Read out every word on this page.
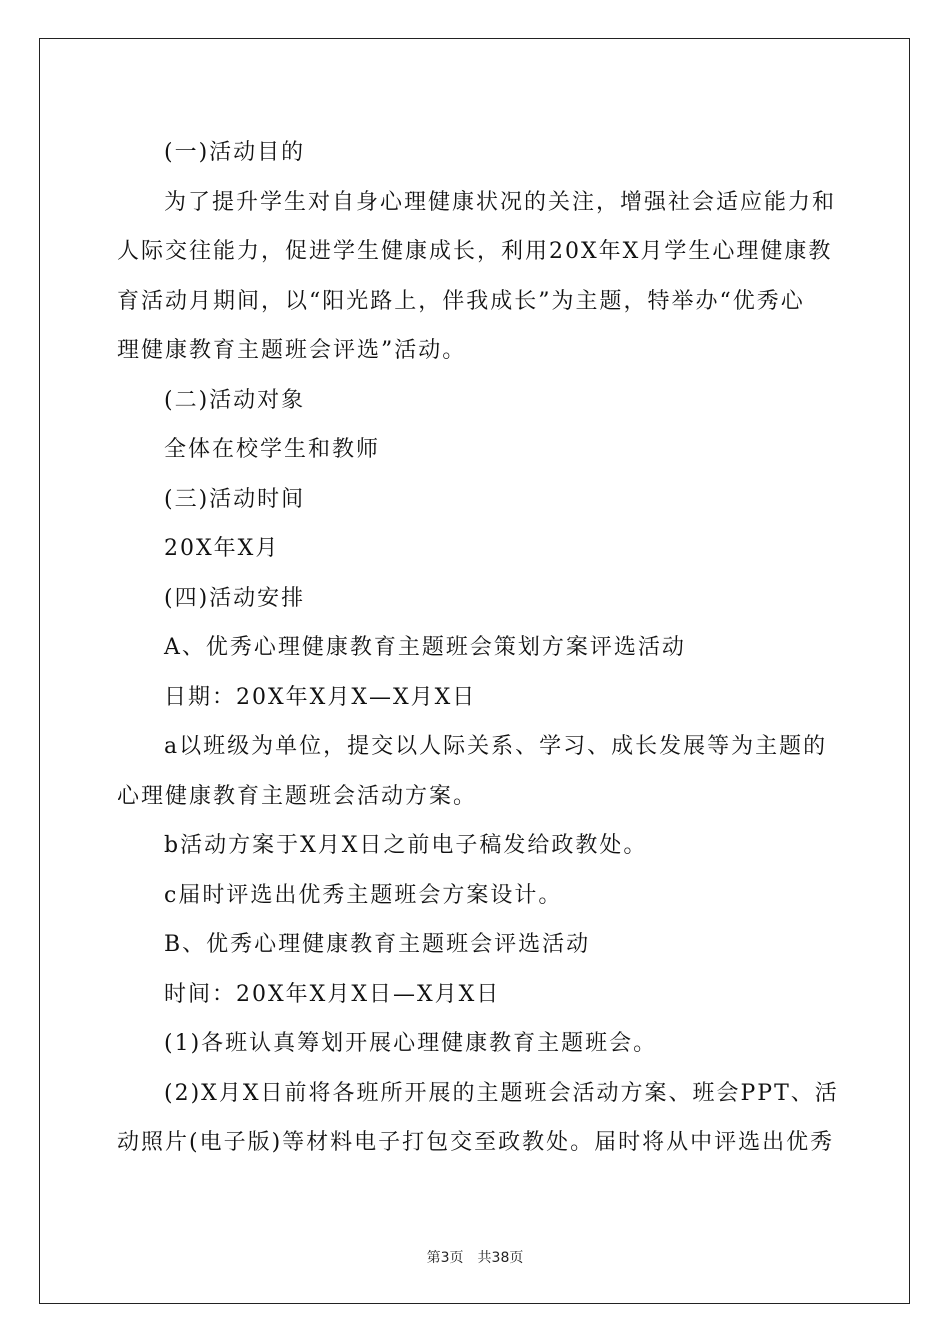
(一)活动目的
为了提升学生对自身心理健康状况的关注，增强社会适应能力和
人际交往能力，促进学生健康成长，利用20X年X月学生心理健康教
育活动月期间，以“阳光路上，伴我成长”为主题，特举办“优秀心
理健康教育主题班会评选”活动。
(二)活动对象
全体在校学生和教师
(三)活动时间
20X年X月
(四)活动安排
A、优秀心理健康教育主题班会策划方案评选活动
日期：20X年X月X—X月X日
a以班级为单位，提交以人际关系、学习、成长发展等为主题的
心理健康教育主题班会活动方案。
b活动方案于X月X日之前电子稿发给政教处。
c届时评选出优秀主题班会方案设计。
B、优秀心理健康教育主题班会评选活动
时间：20X年X月X日—X月X日
(1)各班认真筹划开展心理健康教育主题班会。
(2)X月X日前将各班所开展的主题班会活动方案、班会PPT、活
动照片(电子版)等材料电子打包交至政教处。届时将从中评选出优秀
第3页 共38页
